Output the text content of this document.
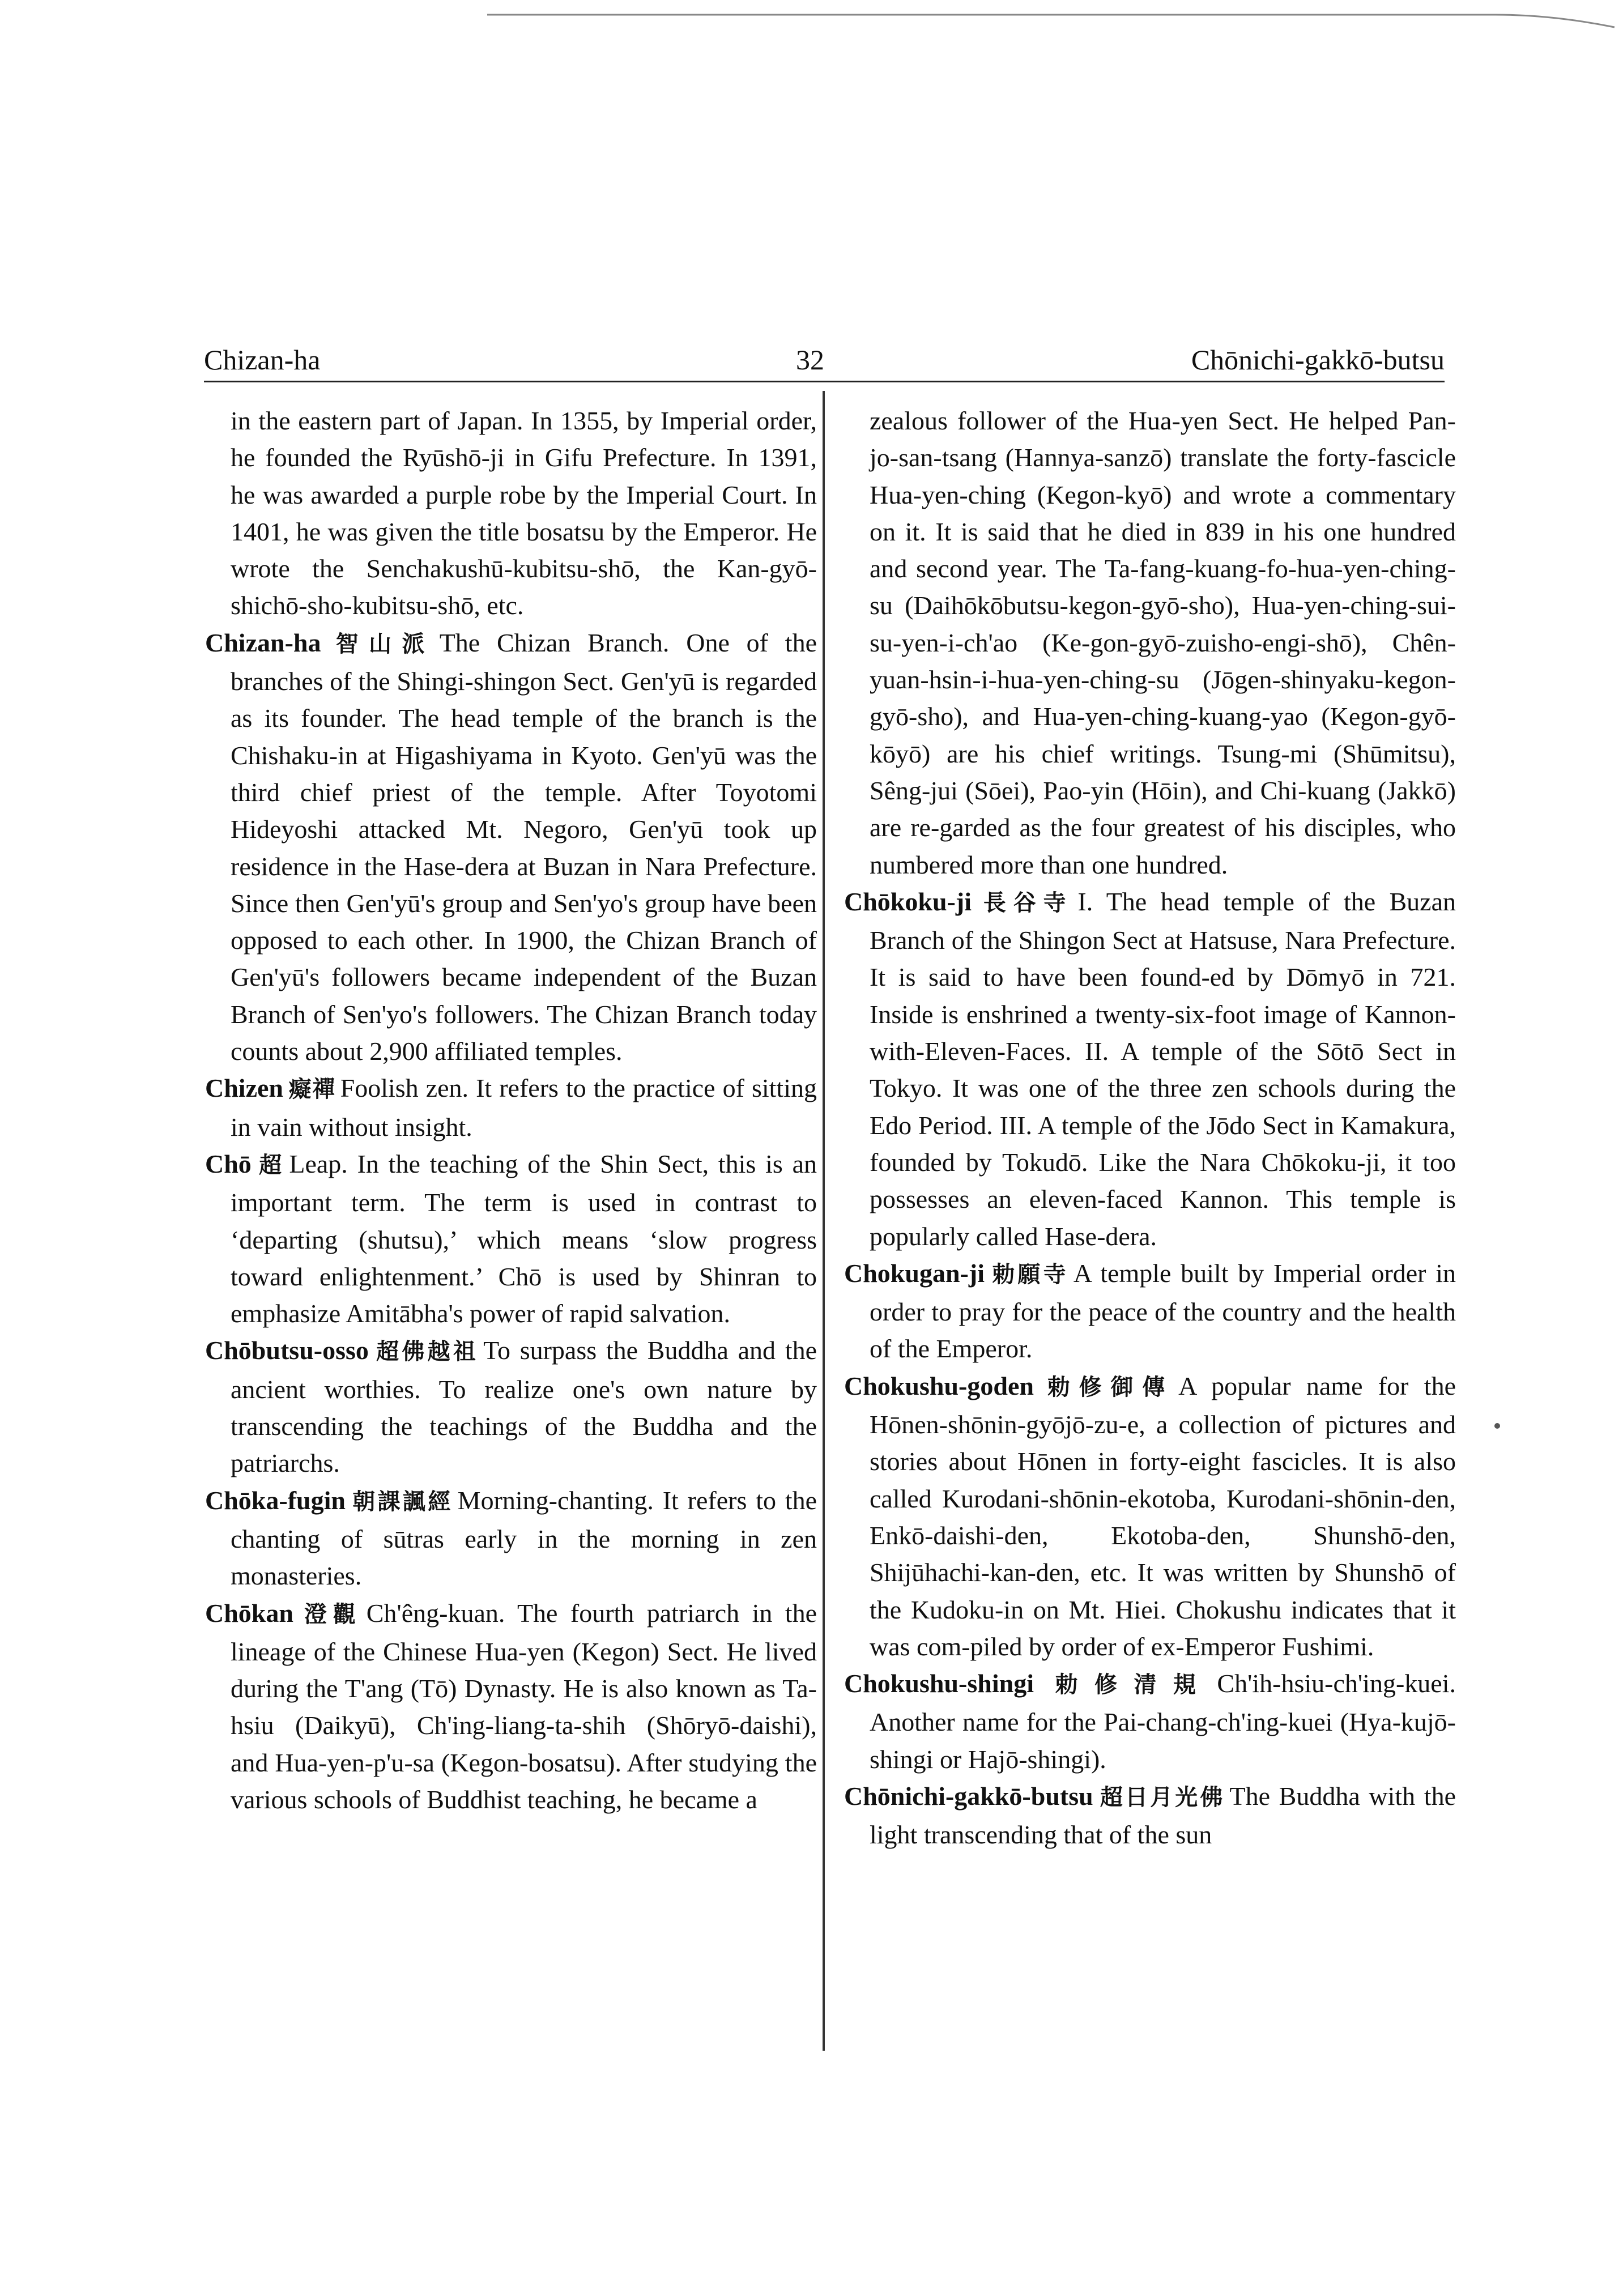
Chizan-ha	32	Chōnichi-gakkō-butsu

in the eastern part of Japan. In 1355, by Imperial order, he founded the Ryūshō-ji in Gifu Prefecture. In 1391, he was awarded a purple robe by the Imperial Court. In 1401, he was given the title bosatsu by the Emperor. He wrote the Senchakushū-kubitsu-shō, the Kan-gyō-shichō-sho-kubitsu-shō, etc.

Chizan-ha 智山派 The Chizan Branch. One of the branches of the Shingi-shingon Sect. Gen'yū is regarded as its founder. The head temple of the branch is the Chishaku-in at Higashiyama in Kyoto. Gen'yū was the third chief priest of the temple. After Toyotomi Hideyoshi attacked Mt. Negoro, Gen'yū took up residence in the Hase-dera at Buzan in Nara Prefecture. Since then Gen'yū's group and Sen'yo's group have been opposed to each other. In 1900, the Chizan Branch of Gen'yū's followers became independent of the Buzan Branch of Sen'yo's followers. The Chizan Branch today counts about 2,900 affiliated temples.

Chizen 癡禪 Foolish zen. It refers to the practice of sitting in vain without insight.

Chō 超 Leap. In the teaching of the Shin Sect, this is an important term. The term is used in contrast to ‘departing (shutsu),’ which means ‘slow progress toward enlightenment.’ Chō is used by Shinran to emphasize Amitābha's power of rapid salvation.

Chōbutsu-osso 超佛越祖 To surpass the Buddha and the ancient worthies. To realize one's own nature by transcending the teachings of the Buddha and the patriarchs.

Chōka-fugin 朝課諷經 Morning-chanting. It refers to the chanting of sūtras early in the morning in zen monasteries.

Chōkan 澄觀 Ch'êng-kuan. The fourth patriarch in the lineage of the Chinese Hua-yen (Kegon) Sect. He lived during the T'ang (Tō) Dynasty. He is also known as Ta-hsiu (Daikyū), Ch'ing-liang-ta-shih (Shōryō-daishi), and Hua-yen-p'u-sa (Kegon-bosatsu). After studying the various schools of Buddhist teaching, he became a

zealous follower of the Hua-yen Sect. He helped Pan-jo-san-tsang (Hannya-sanzō) translate the forty-fascicle Hua-yen-ching (Kegon-kyō) and wrote a commentary on it. It is said that he died in 839 in his one hundred and second year. The Ta-fang-kuang-fo-hua-yen-ching-su (Daihōkōbutsu-kegon-gyō-sho), Hua-yen-ching-sui-su-yen-i-ch'ao (Ke-gon-gyō-zuisho-engi-shō), Chên-yuan-hsin-i-hua-yen-ching-su (Jōgen-shinyaku-kegon-gyō-sho), and Hua-yen-ching-kuang-yao (Kegon-gyō-kōyō) are his chief writings. Tsung-mi (Shūmitsu), Sêng-jui (Sōei), Pao-yin (Hōin), and Chi-kuang (Jakkō) are re-garded as the four greatest of his disciples, who numbered more than one hundred.

Chōkoku-ji 長谷寺 I. The head temple of the Buzan Branch of the Shingon Sect at Hatsuse, Nara Prefecture. It is said to have been found-ed by Dōmyō in 721. Inside is enshrined a twenty-six-foot image of Kannon-with-Eleven-Faces. II. A temple of the Sōtō Sect in Tokyo. It was one of the three zen schools during the Edo Period. III. A temple of the Jōdo Sect in Kamakura, founded by Tokudō. Like the Nara Chōkoku-ji, it too possesses an eleven-faced Kannon. This temple is popularly called Hase-dera.

Chokugan-ji 勅願寺 A temple built by Imperial order in order to pray for the peace of the country and the health of the Emperor.

Chokushu-goden 勅修御傳 A popular name for the Hōnen-shōnin-gyōjō-zu-e, a collection of pictures and stories about Hōnen in forty-eight fascicles. It is also called Kurodani-shōnin-ekotoba, Kurodani-shōnin-den, Enkō-daishi-den, Ekotoba-den, Shunshō-den, Shijūhachi-kan-den, etc. It was written by Shunshō of the Kudoku-in on Mt. Hiei. Chokushu indicates that it was com-piled by order of ex-Emperor Fushimi.

Chokushu-shingi 勅修清規 Ch'ih-hsiu-ch'ing-kuei. Another name for the Pai-chang-ch'ing-kuei (Hya-kujō-shingi or Hajō-shingi).

Chōnichi-gakkō-butsu 超日月光佛 The Buddha with the light transcending that of the sun
